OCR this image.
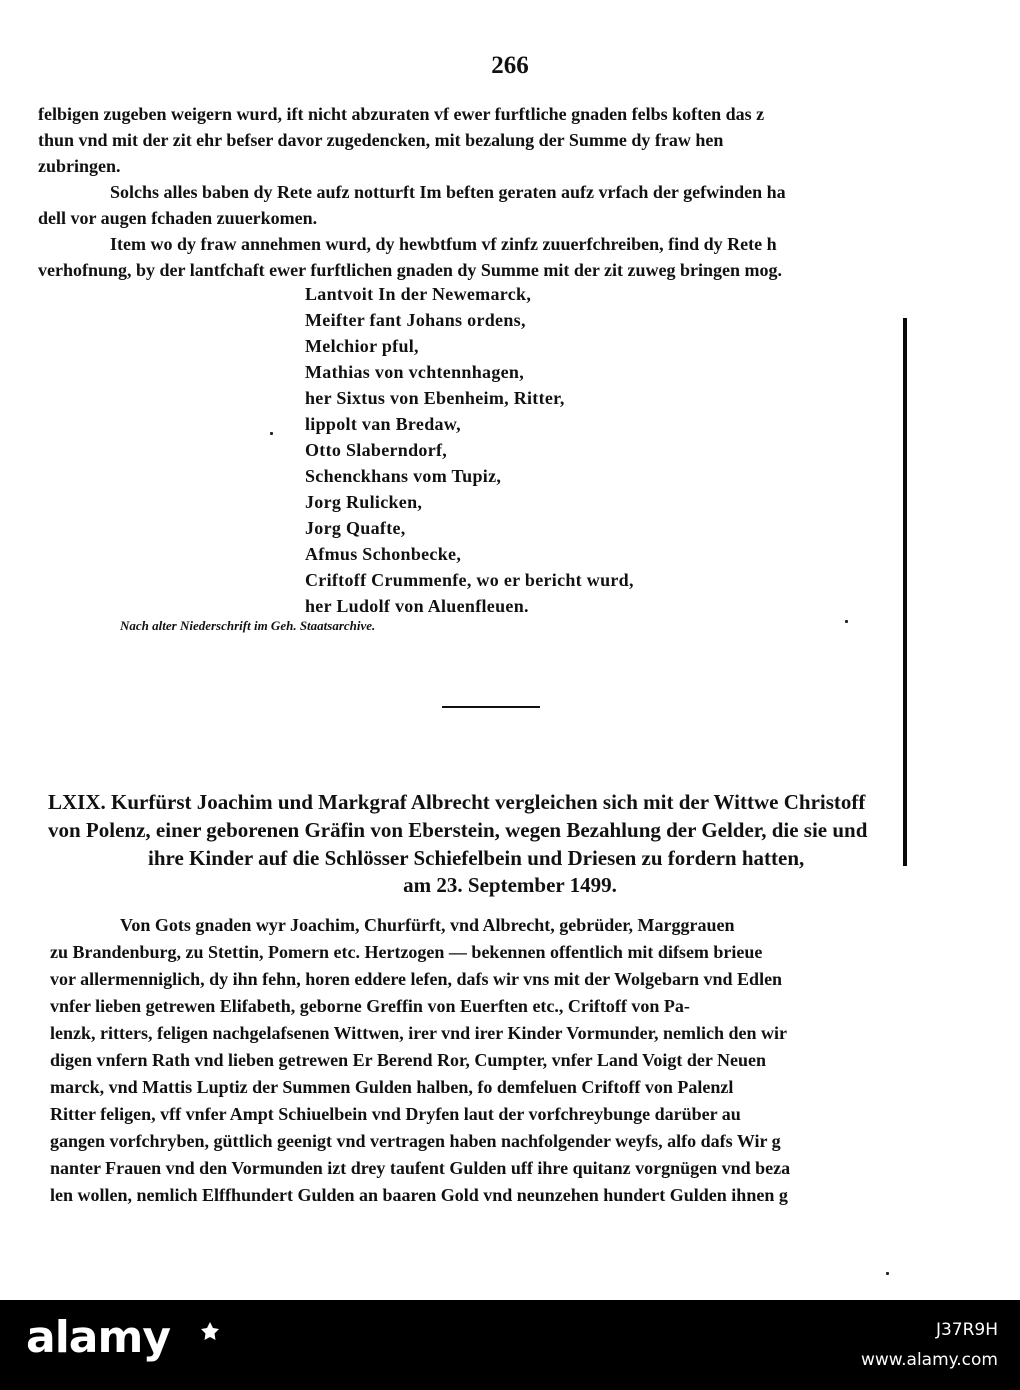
266
felbigen zugeben weigern wurd, ift nicht abzuraten vf ewer furftliche gnaden felbs koften das z
thun vnd mit der zit ehr befser davor zugedencken, mit bezalung der Summe dy fraw hen
zubringen.
Solchs alles baben dy Rete aufz notturft Im beften geraten aufz vrfach der gefwinden ha
dell vor augen fchaden zuuerkomen.
Item wo dy fraw annehmen wurd, dy hewbtfum vf zinfz zuuerfchreiben, find dy Rete h
verhofnung, by der lantfchaft ewer furftlichen gnaden dy Summe mit der zit zuweg bringen mog.
Lantvoit In der Newemarck,
Meifter fant Johans ordens,
Melchior pful,
Mathias von vchtennhagen,
her Sixtus von Ebenheim, Ritter,
lippolt van Bredaw,
Otto Slaberndorf,
Schenckhans vom Tupiz,
Jorg Rulicken,
Jorg Quafte,
Afmus Schonbecke,
Criftoff Crummenfe, wo er bericht wurd,
her Ludolf von Aluenfleuen.
Nach alter Niederschrift im Geh. Staatsarchive.
LXIX. Kurfürst Joachim und Markgraf Albrecht vergleichen sich mit der Wittwe Christoff
von Polenz, einer geborenen Gräfin von Eberstein, wegen Bezahlung der Gelder, die sie und
ihre Kinder auf die Schlösser Schiefelbein und Driesen zu fordern hatten,
am 23. September 1499.
Von Gots gnaden wyr Joachim, Churfürft, vnd Albrecht, gebrüder, Marggrauen
zu Brandenburg, zu Stettin, Pomern etc. Hertzogen — bekennen offentlich mit difsem brieue
vor allermenniglich, dy ihn fehn, horen eddere lefen, dafs wir vns mit der Wolgebarn vnd Edlen
vnfer lieben getrewen Elifabeth, geborne Greffin von Euerften etc., Criftoff von Pa-
lenzk, ritters, feligen nachgelafsenen Wittwen, irer vnd irer Kinder Vormunder, nemlich den wir
digen vnfern Rath vnd lieben getrewen Er Berend Ror, Cumpter, vnfer Land Voigt der Neuen
marck, vnd Mattis Luptiz der Summen Gulden halben, fo demfeluen Criftoff von Palenzl
Ritter feligen, vff vnfer Ampt Schiuelbein vnd Dryfen laut der vorfchreybunge darüber au
gangen vorfchryben, güttlich geenigt vnd vertragen haben nachfolgender weyfs, alfo dafs Wir g
nanter Frauen vnd den Vormunden izt drey taufent Gulden uff ihre quitanz vorgnügen vnd beza
len wollen, nemlich Elffhundert Gulden an baaren Gold vnd neunzehen hundert Gulden ihnen g
alamy	J37R9H
www.alamy.com
